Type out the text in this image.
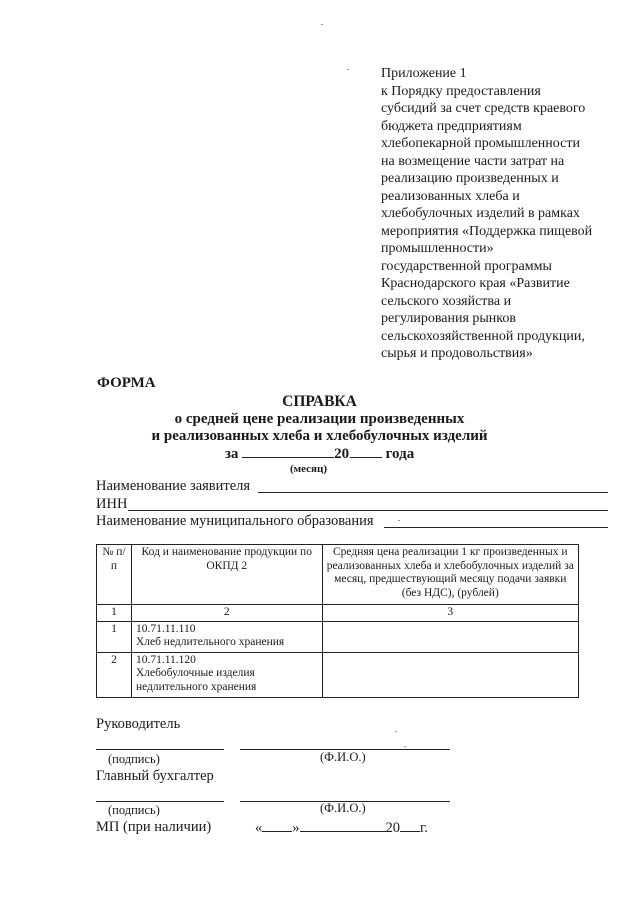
Приложение 1
к Порядку предоставления
субсидий за счет средств краевого
бюджета предприятиям
хлебопекарной промышленности
на возмещение части затрат на
реализацию произведенных и
реализованных хлеба и
хлебобулочных изделий в рамках
мероприятия «Поддержка пищевой
промышленности»
государственной программы
Краснодарского края «Развитие
сельского хозяйства и
регулирования рынков
сельскохозяйственной продукции,
сырья и продовольствия»
ФОРМА
СПРАВКА
о средней цене реализации произведенных
и реализованных хлеба и хлебобулочных изделий
за	20 года
(месяц)
Наименование заявителя
ИНН
Наименование муниципального образования
№ п/п	Код и наименование продукции по ОКПД 2	Средняя цена реализации 1 кг произведенных и реализованных хлеба и хлебобулочных изделий за месяц, предшествующий месяцу подачи заявки (без НДС), (рублей)
1	2	3
1	10.71.11.110
Хлеб недлительного хранения	

2	10.71.11.120
Хлебобулочные изделия недлительного хранения	

Руководитель
(подпись)	(Ф.И.О.)
Главный бухгалтер
(подпись)	(Ф.И.О.)
МП (при наличии)	« »	20 г.
